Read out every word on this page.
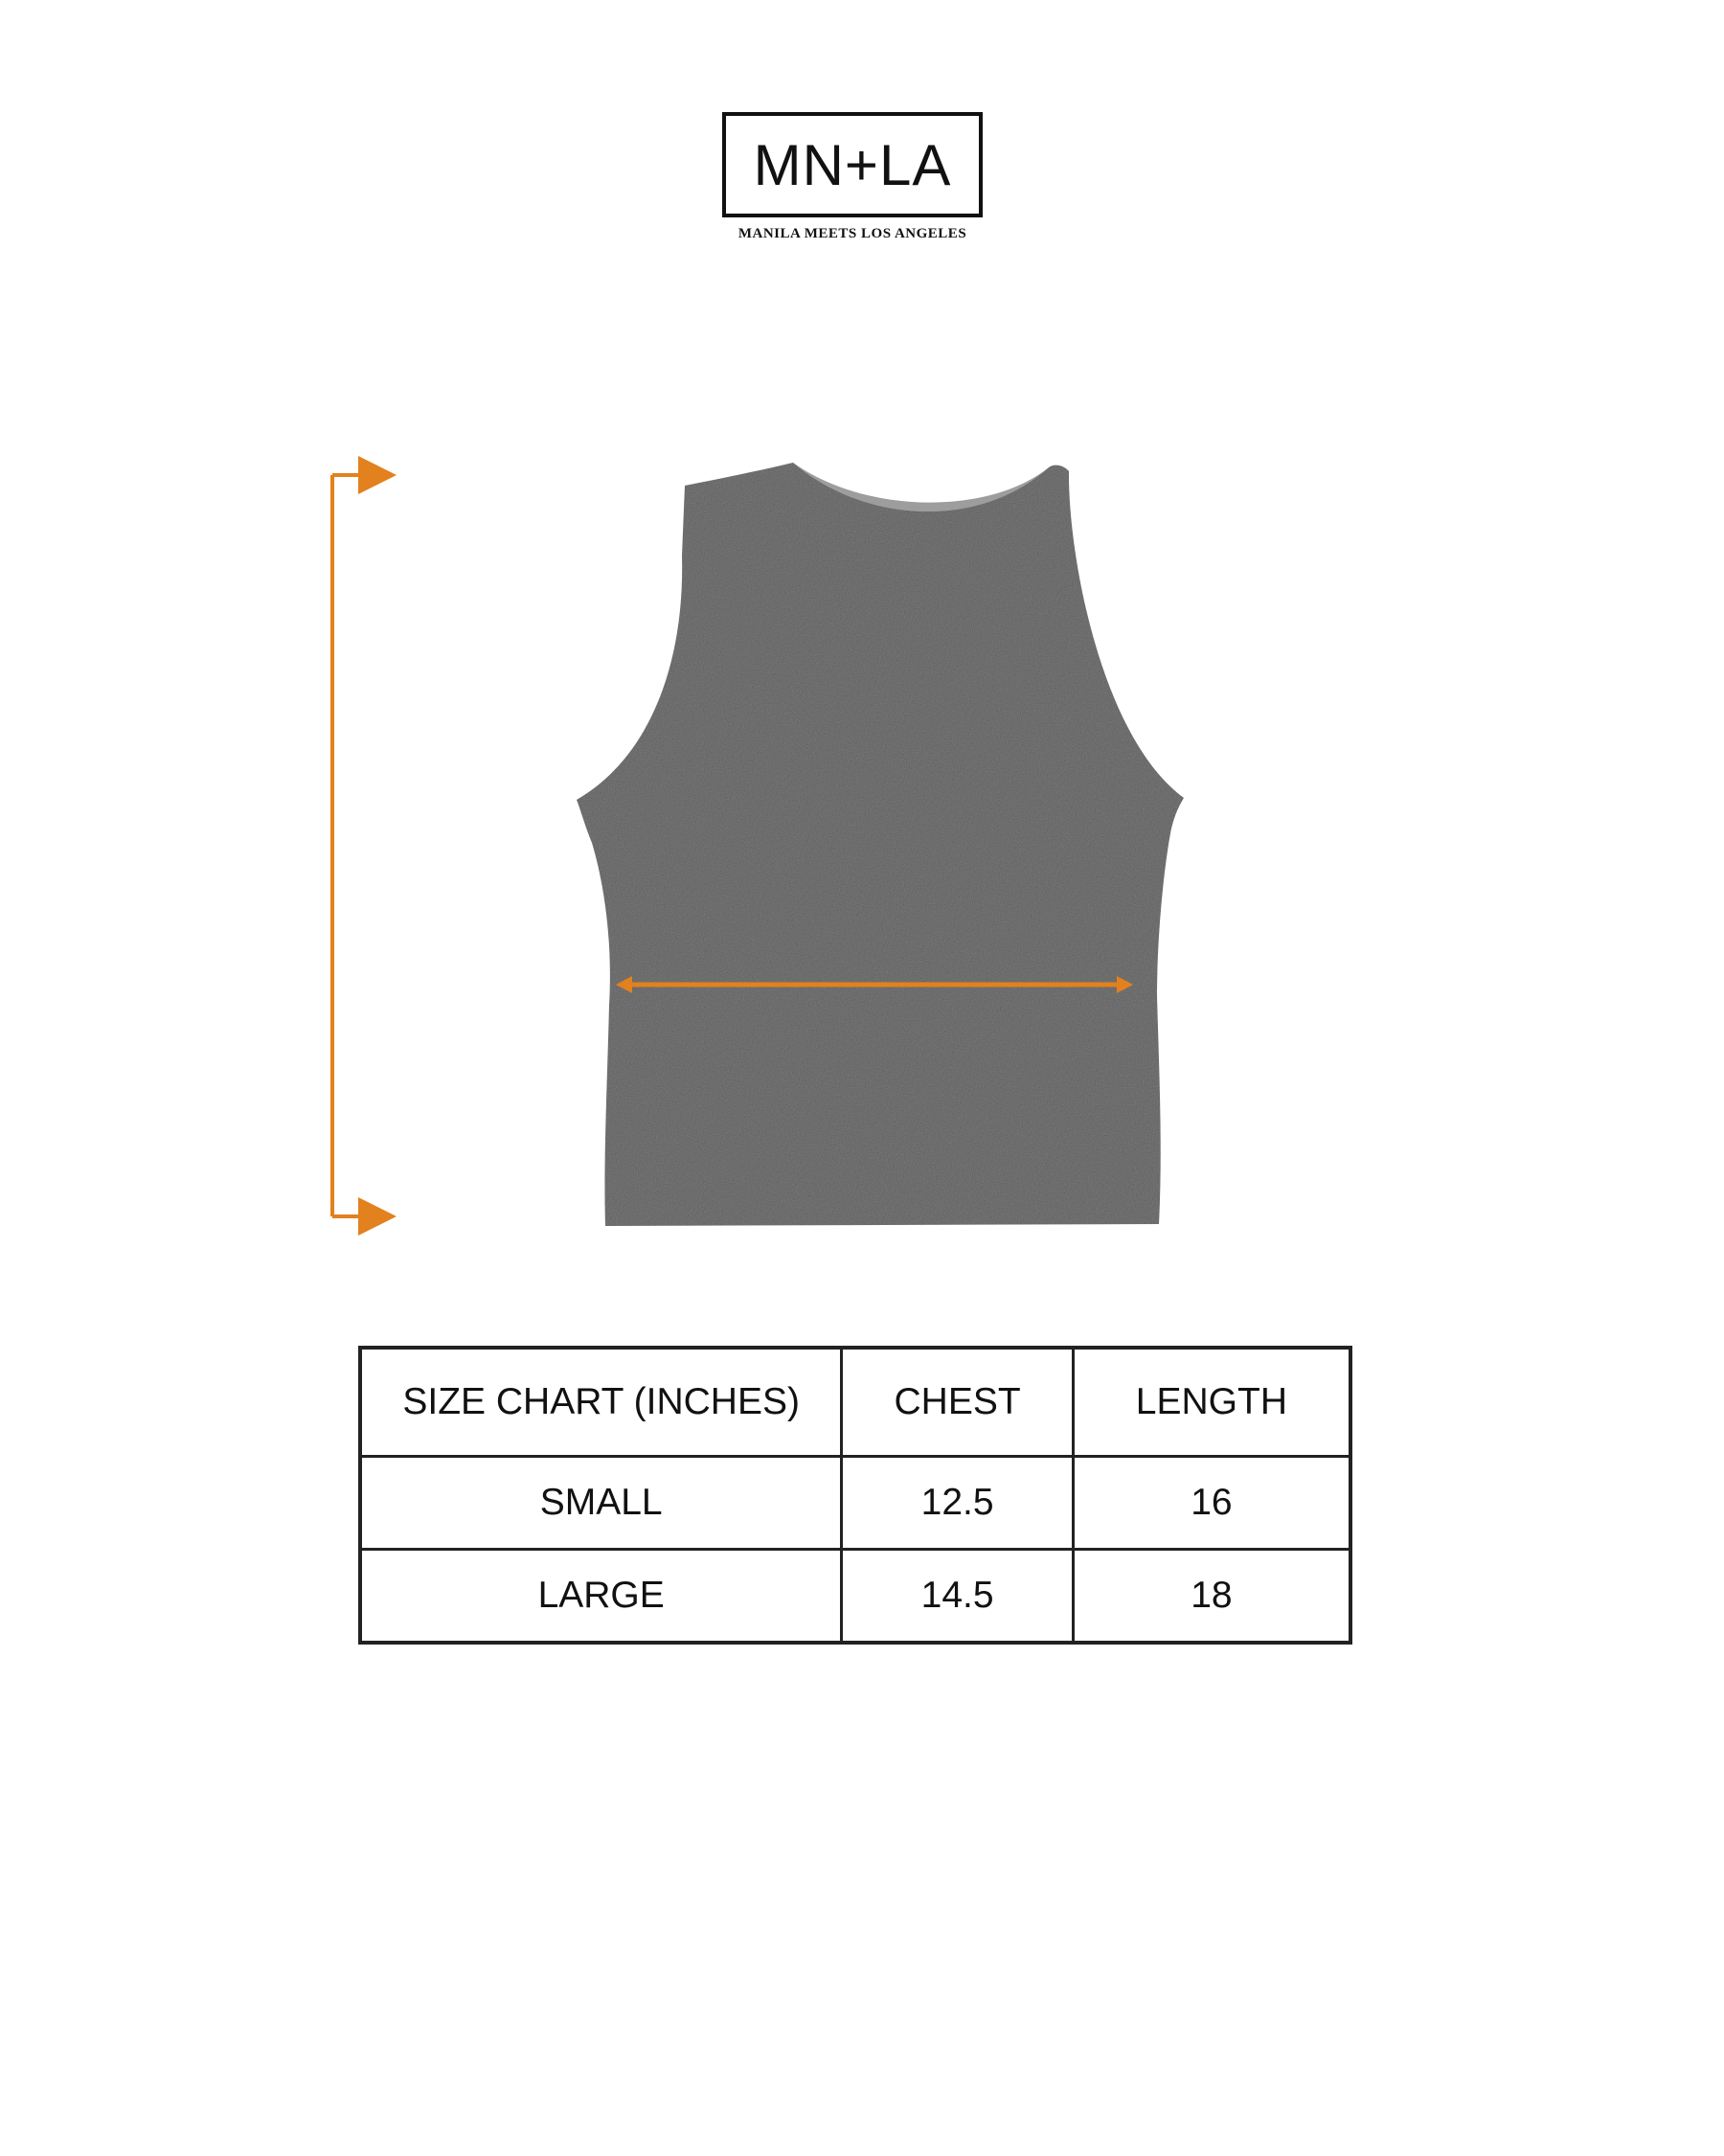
MN+LA
MANILA MEETS LOS ANGELES
SIZE CHART (INCHES)	CHEST	LENGTH
SMALL	12.5	16
LARGE	14.5	18
